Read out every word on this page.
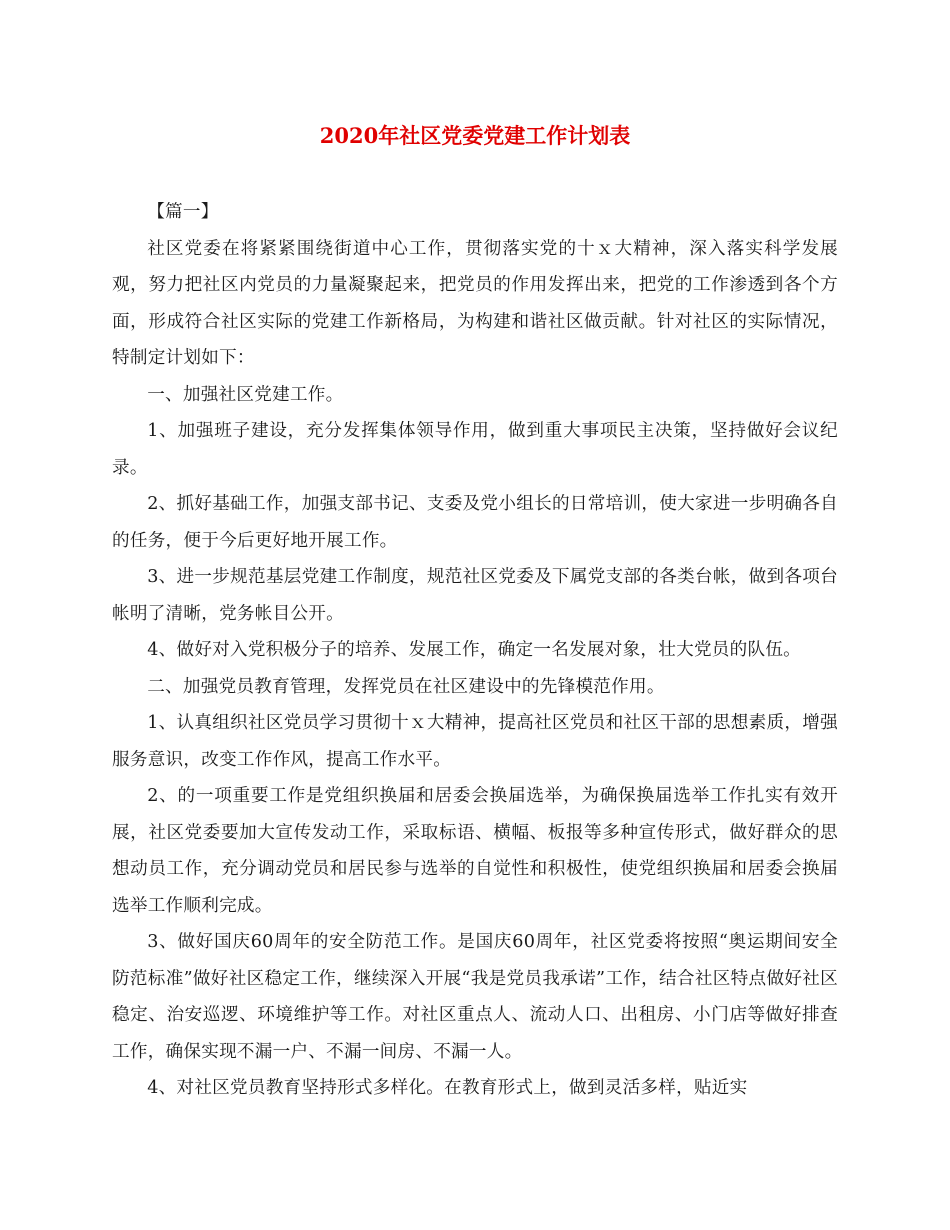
2020年社区党委党建工作计划表

【篇一】

社区党委在将紧紧围绕街道中心工作，贯彻落实党的十ｘ大精神，深入落实科学发展观，努力把社区内党员的力量凝聚起来，把党员的作用发挥出来，把党的工作渗透到各个方面，形成符合社区实际的党建工作新格局，为构建和谐社区做贡献。针对社区的实际情况，特制定计划如下：

一、加强社区党建工作。

1、加强班子建设，充分发挥集体领导作用，做到重大事项民主决策，坚持做好会议纪录。

2、抓好基础工作，加强支部书记、支委及党小组长的日常培训，使大家进一步明确各自的任务，便于今后更好地开展工作。

3、进一步规范基层党建工作制度，规范社区党委及下属党支部的各类台帐，做到各项台帐明了清晰，党务帐目公开。

4、做好对入党积极分子的培养、发展工作，确定一名发展对象，壮大党员的队伍。

二、加强党员教育管理，发挥党员在社区建设中的先锋模范作用。

1、认真组织社区党员学习贯彻十ｘ大精神，提高社区党员和社区干部的思想素质，增强服务意识，改变工作作风，提高工作水平。

2、的一项重要工作是党组织换届和居委会换届选举，为确保换届选举工作扎实有效开展，社区党委要加大宣传发动工作，采取标语、横幅、板报等多种宣传形式，做好群众的思想动员工作，充分调动党员和居民参与选举的自觉性和积极性，使党组织换届和居委会换届选举工作顺利完成。

3、做好国庆60周年的安全防范工作。是国庆60周年，社区党委将按照“奥运期间安全防范标准”做好社区稳定工作，继续深入开展“我是党员我承诺”工作，结合社区特点做好社区稳定、治安巡逻、环境维护等工作。对社区重点人、流动人口、出租房、小门店等做好排查工作，确保实现不漏一户、不漏一间房、不漏一人。

4、对社区党员教育坚持形式多样化。在教育形式上，做到灵活多样，贴近实
